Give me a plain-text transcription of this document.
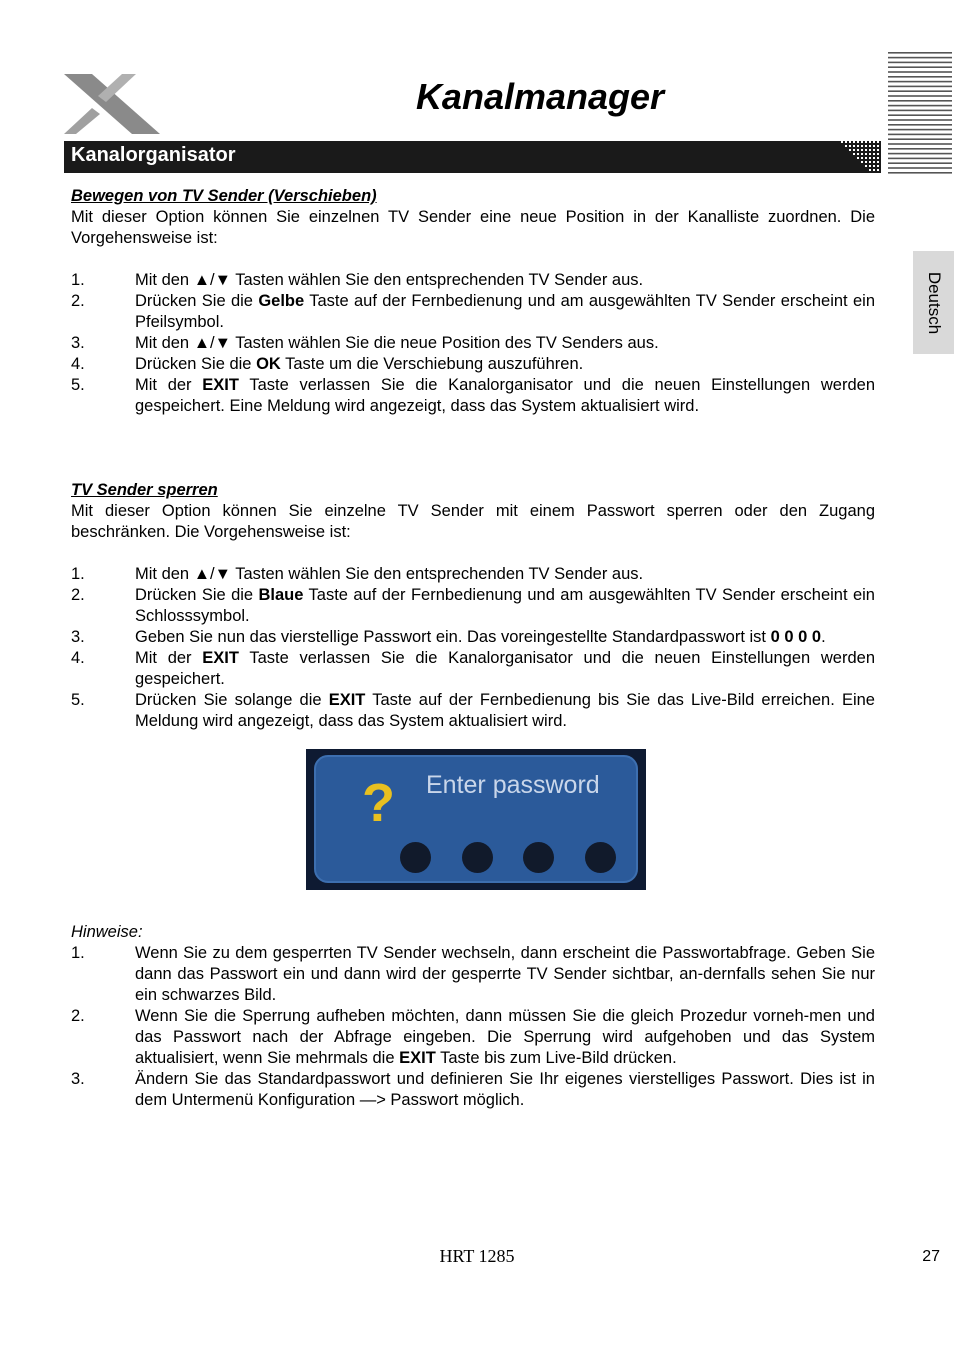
Kanalmanager
Deutsch
Kanalorganisator

Bewegen von TV Sender (Verschieben)

Mit dieser Option können Sie einzelnen TV Sender eine neue Position in der Kanalliste zuordnen. Die Vorgehensweise ist:

1.	Mit den ▲/▼ Tasten wählen Sie den entsprechenden TV Sender aus.
2.	Drücken Sie die Gelbe Taste auf der Fernbedienung und am ausgewählten TV Sender erscheint ein Pfeilsymbol.
3.	Mit den ▲/▼ Tasten wählen Sie die neue Position des TV Senders aus.
4.	Drücken Sie die OK Taste um die Verschiebung auszuführen.
5.	Mit der EXIT Taste verlassen Sie die Kanalorganisator und die neuen Einstellungen werden gespeichert. Eine Meldung wird angezeigt, dass das System aktualisiert wird.

TV Sender sperren

Mit dieser Option können Sie einzelne TV Sender mit einem Passwort sperren oder den Zugang beschränken. Die Vorgehensweise ist:

1.	Mit den ▲/▼ Tasten wählen Sie den entsprechenden TV Sender aus.
2.	Drücken Sie die Blaue Taste auf der Fernbedienung und am ausgewählten TV Sender erscheint ein Schlosssymbol.
3.	Geben Sie nun das vierstellige Passwort ein. Das voreingestellte Standardpasswort ist 0 0 0 0.
4.	Mit der EXIT Taste verlassen Sie die Kanalorganisator und die neuen Einstellungen werden gespeichert.
5.	Drücken Sie solange die EXIT Taste auf der Fernbedienung bis Sie das Live-Bild erreichen. Eine Meldung wird angezeigt, dass das System aktualisiert wird.
? Enter password

Hinweise:

1.	Wenn Sie zu dem gesperrten TV Sender wechseln, dann erscheint die Passwortabfrage. Geben Sie dann das Passwort ein und dann wird der gesperrte TV Sender sichtbar, an-dernfalls sehen Sie nur ein schwarzes Bild.
2.	Wenn Sie die Sperrung aufheben möchten, dann müssen Sie die gleich Prozedur vorneh-men und das Passwort nach der Abfrage eingeben. Die Sperrung wird aufgehoben und das System aktualisiert, wenn Sie mehrmals die EXIT Taste bis zum Live-Bild drücken.
3.	Ändern Sie das Standardpasswort und definieren Sie Ihr eigenes vierstelliges Passwort. Dies ist in dem Untermenü Konfiguration —> Passwort möglich.
HRT 1285	27
